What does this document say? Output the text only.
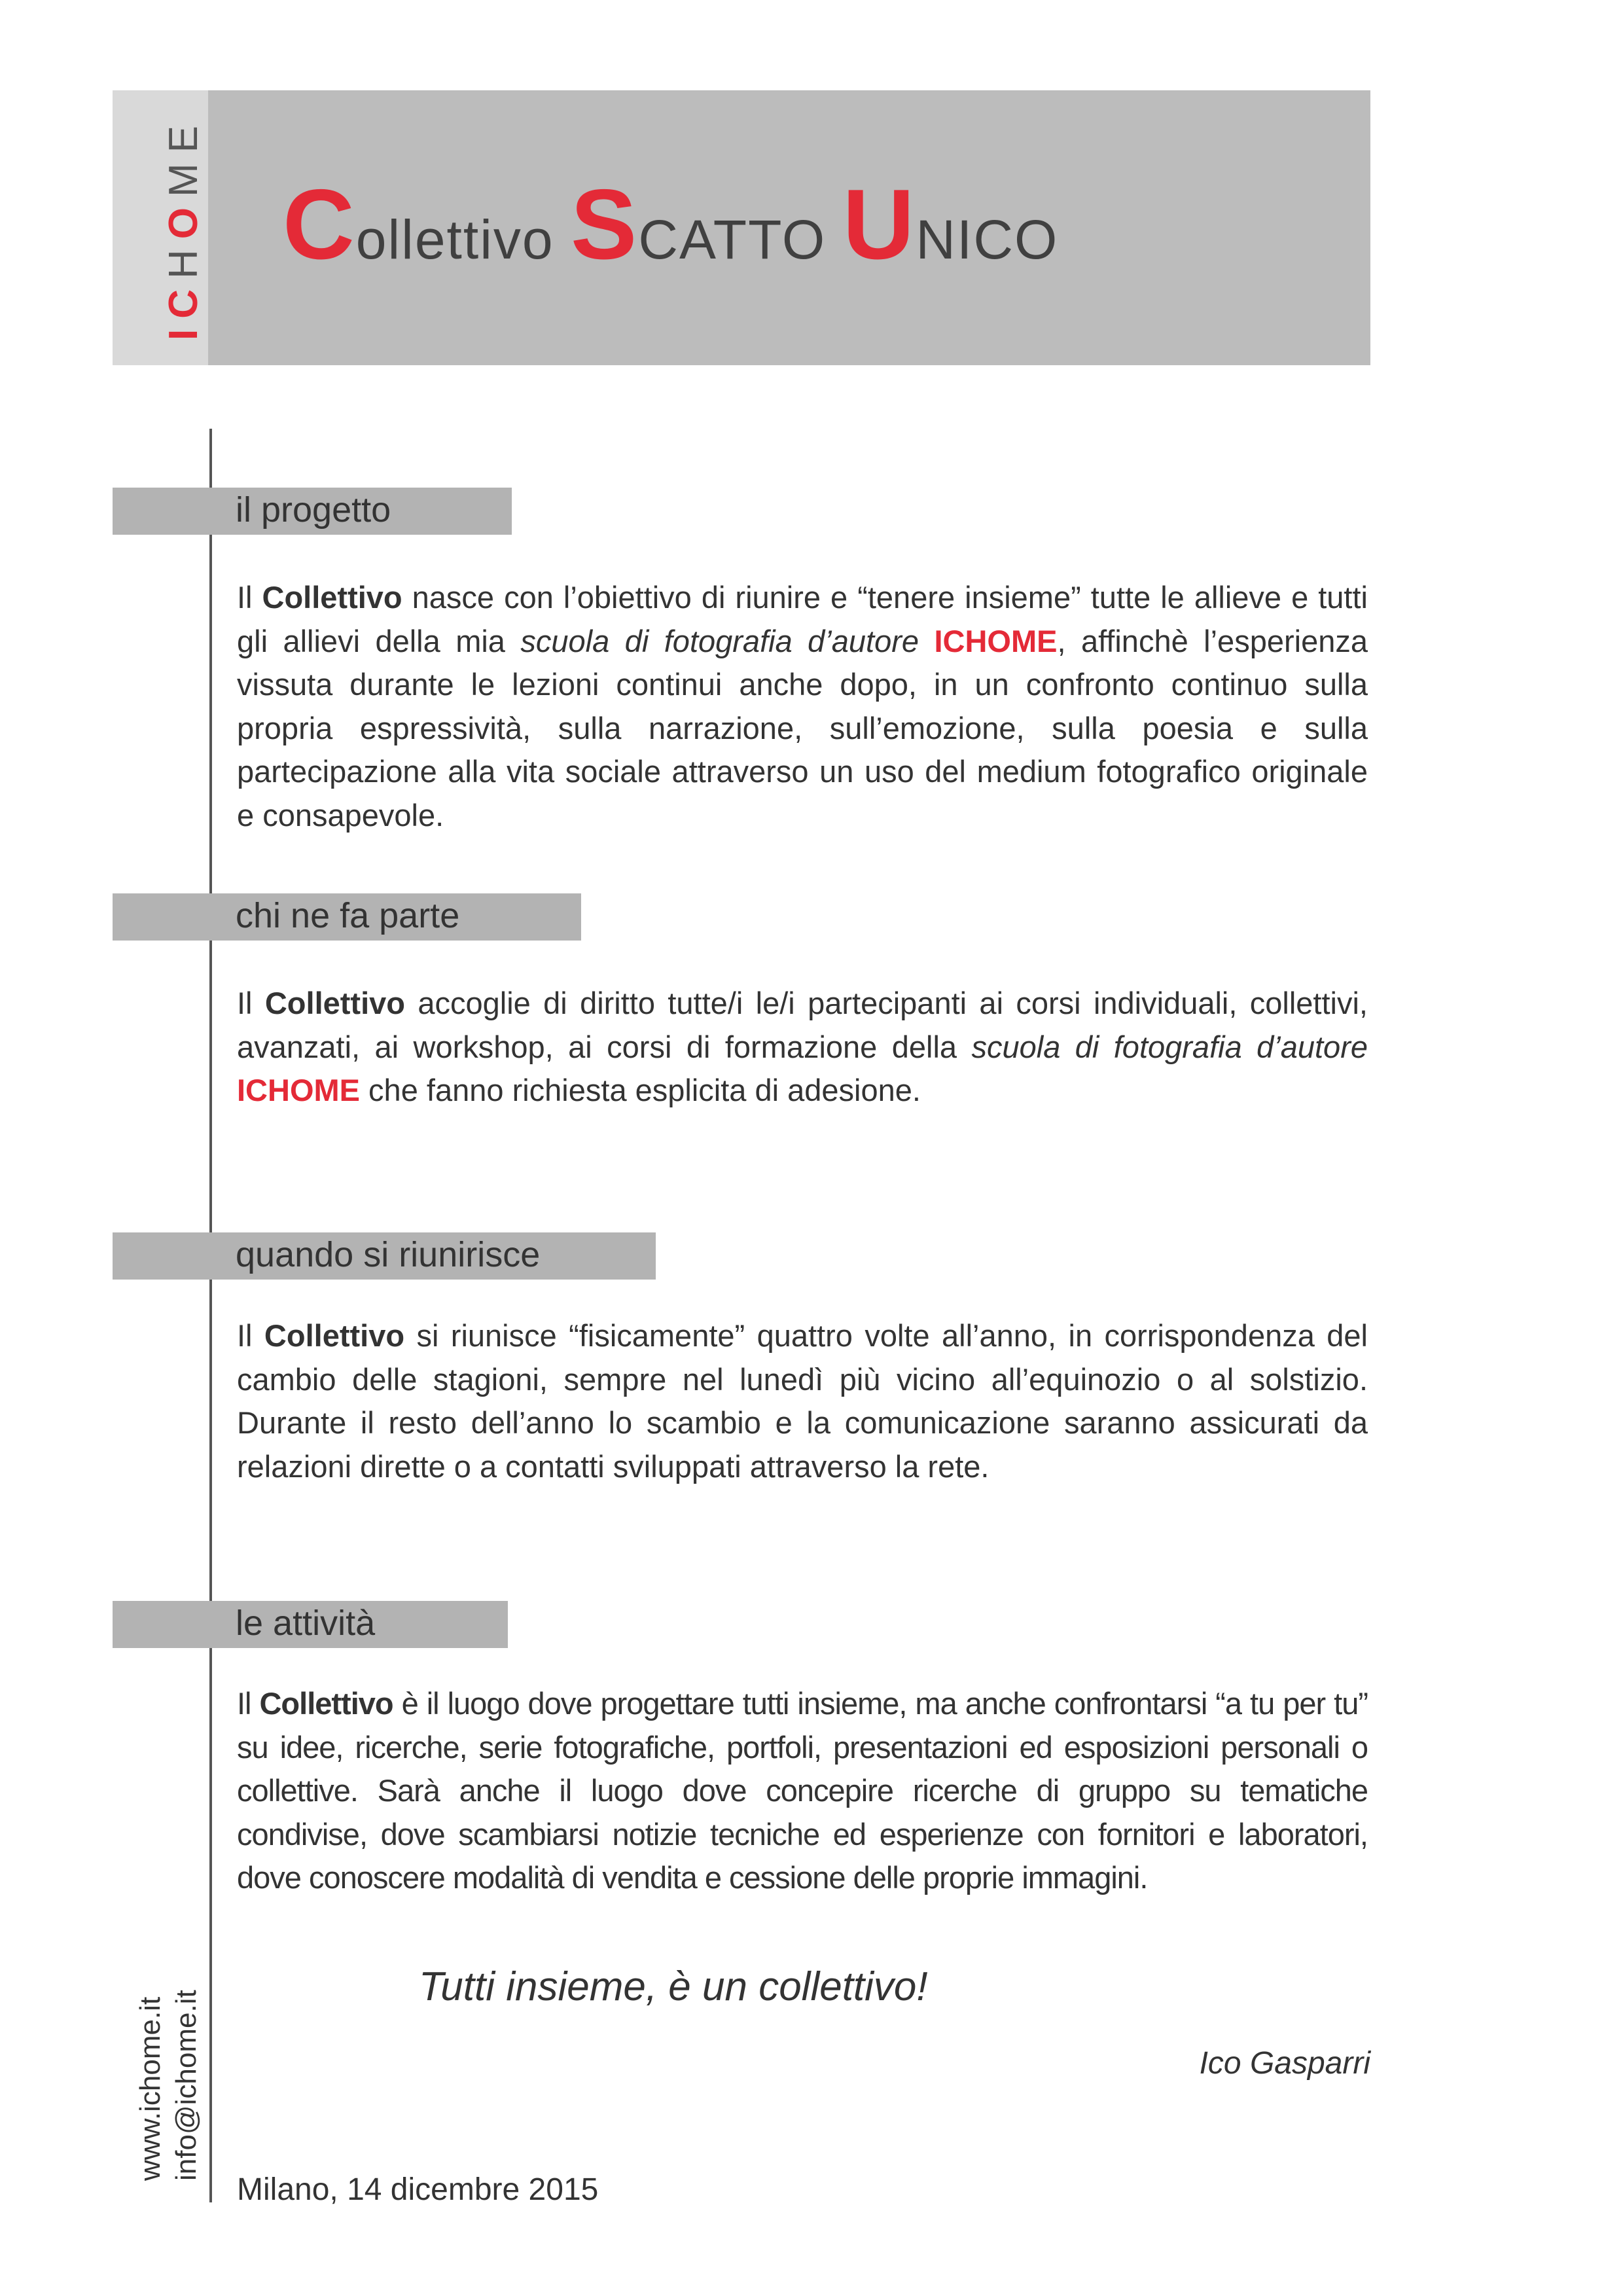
ICHOME
Collettivo SCATTO UNICO
il progetto
Il Collettivo nasce con l’obiettivo di riunire e “tenere insieme” tutte le allieve e tutti gli allievi della mia scuola di fotografia d’autore ICHOME, affinchè l’esperienza vissuta durante le lezioni continui anche dopo, in un confronto continuo sulla propria espressività, sulla narrazione, sull’emozione, sulla poesia e sulla partecipazione alla vita sociale attraverso un uso del medium fotografico originale e consapevole.
chi ne fa parte
Il Collettivo accoglie di diritto tutte/i le/i partecipanti ai corsi individuali, collettivi, avanzati, ai workshop, ai corsi di formazione della scuola di fotografia d’autore ICHOME che fanno richiesta esplicita di adesione.
quando si riunirisce
Il Collettivo si riunisce “fisicamente” quattro volte all’anno, in corrispondenza del cambio delle stagioni, sempre nel lunedì più vicino all’equinozio o al solstizio. Durante il resto dell’anno lo scambio e la comunicazione saranno assicurati da relazioni dirette o a contatti sviluppati attraverso la rete.
le attività
Il Collettivo è il luogo dove progettare tutti insieme, ma anche confrontarsi “a tu per tu” su idee, ricerche, serie fotografiche, portfoli, presentazioni ed esposizioni personali o collettive. Sarà anche il luogo dove concepire ricerche di gruppo su tematiche condivise, dove scambiarsi notizie tecniche ed esperienze con fornitori e laboratori, dove conoscere modalità di vendita e cessione delle proprie immagini.
Tutti insieme, è un collettivo!
Ico Gasparri
Milano, 14 dicembre 2015
www.ichome.it info@ichome.it
